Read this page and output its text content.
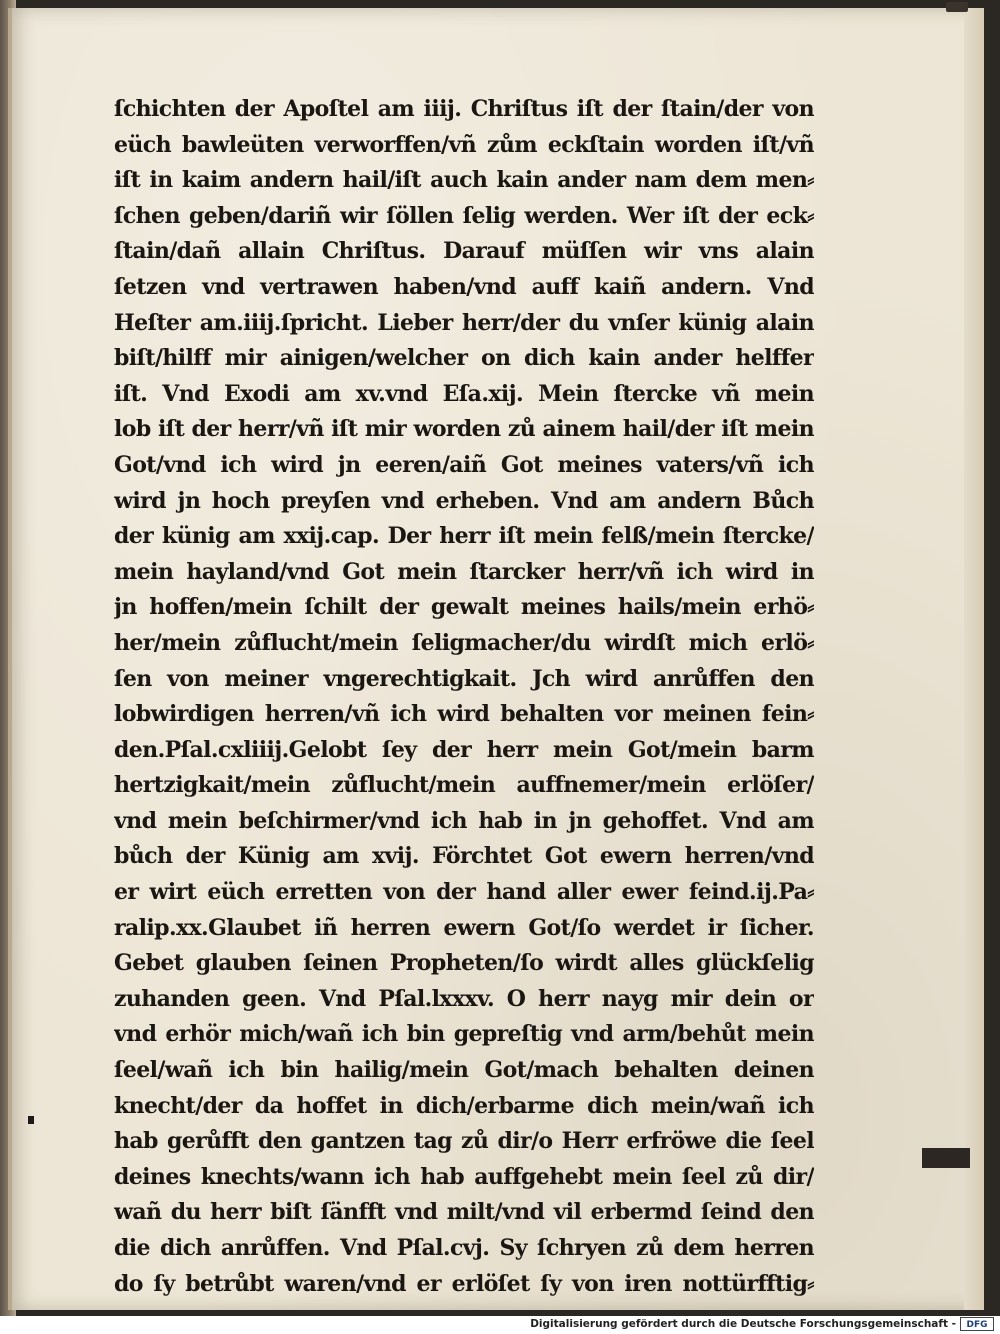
ſchichten der Apoſtel am iiij. Chriſtus iſt der ſtain/der von
eüch bawleüten verworffen/vñ zům eckſtain worden iſt/vñ
iſt in kaim andern hail/iſt auch kain ander nam dem men⸗
ſchen geben/dariñ wir ſöllen ſelig werden. Wer iſt der eck⸗
ſtain/dañ allain Chriſtus. Darauf müſſen wir vns alain
ſetzen vnd vertrawen haben/vnd auff kaiñ andern. Vnd
Heſter am.iiij.ſpricht. Lieber herr/der du vnſer künig alain
biſt/hilff mir ainigen/welcher on dich kain ander helffer
iſt. Vnd Exodi am xv.vnd Eſa.xij. Mein ſtercke vñ mein
lob iſt der herr/vñ iſt mir worden zů ainem hail/der iſt mein
Got/vnd ich wird jn eeren/aiñ Got meines vaters/vñ ich
wird jn hoch preyſen vnd erheben. Vnd am andern Bůch
der künig am xxij.cap. Der herr iſt mein felß/mein ſtercke/
mein hayland/vnd Got mein ſtarcker herr/vñ ich wird in
jn hoffen/mein ſchilt der gewalt meines hails/mein erhö⸗
her/mein zůflucht/mein ſeligmacher/du wirdſt mich erlö⸗
ſen von meiner vngerechtigkait. Jch wird anrůffen den
lobwirdigen herren/vñ ich wird behalten vor meinen fein⸗
den.Pſal.cxliiij.Gelobt ſey der herr mein Got/mein barm
hertzigkait/mein zůflucht/mein auffnemer/mein erlöſer/
vnd mein beſchirmer/vnd ich hab in jn gehoffet. Vnd am
bůch der Künig am xvij. Förchtet Got ewern herren/vnd
er wirt eüch erretten von der hand aller ewer feind.ij.Pa⸗
ralip.xx.Glaubet iñ herren ewern Got/ſo werdet ir ſicher.
Gebet glauben ſeinen Propheten/ſo wirdt alles glückſelig
zuhanden geen. Vnd Pſal.lxxxv. O herr nayg mir dein or
vnd erhör mich/wañ ich bin gepreſtig vnd arm/behůt mein
ſeel/wañ ich bin hailig/mein Got/mach behalten deinen
knecht/der da hoffet in dich/erbarme dich mein/wañ ich
hab gerůfft den gantzen tag zů dir/o Herr erfröwe die ſeel
deines knechts/wann ich hab auffgehebt mein ſeel zů dir/
wañ du herr biſt ſänfft vnd milt/vnd vil erbermd ſeind den
die dich anrůffen. Vnd Pſal.cvj. Sy ſchryen zů dem herren
do ſy betrůbt waren/vnd er erlöſet ſy von iren nottürfftig⸗
Digitalisierung gefördert durch die Deutsche Forschungsgemeinschaft -	DFG
